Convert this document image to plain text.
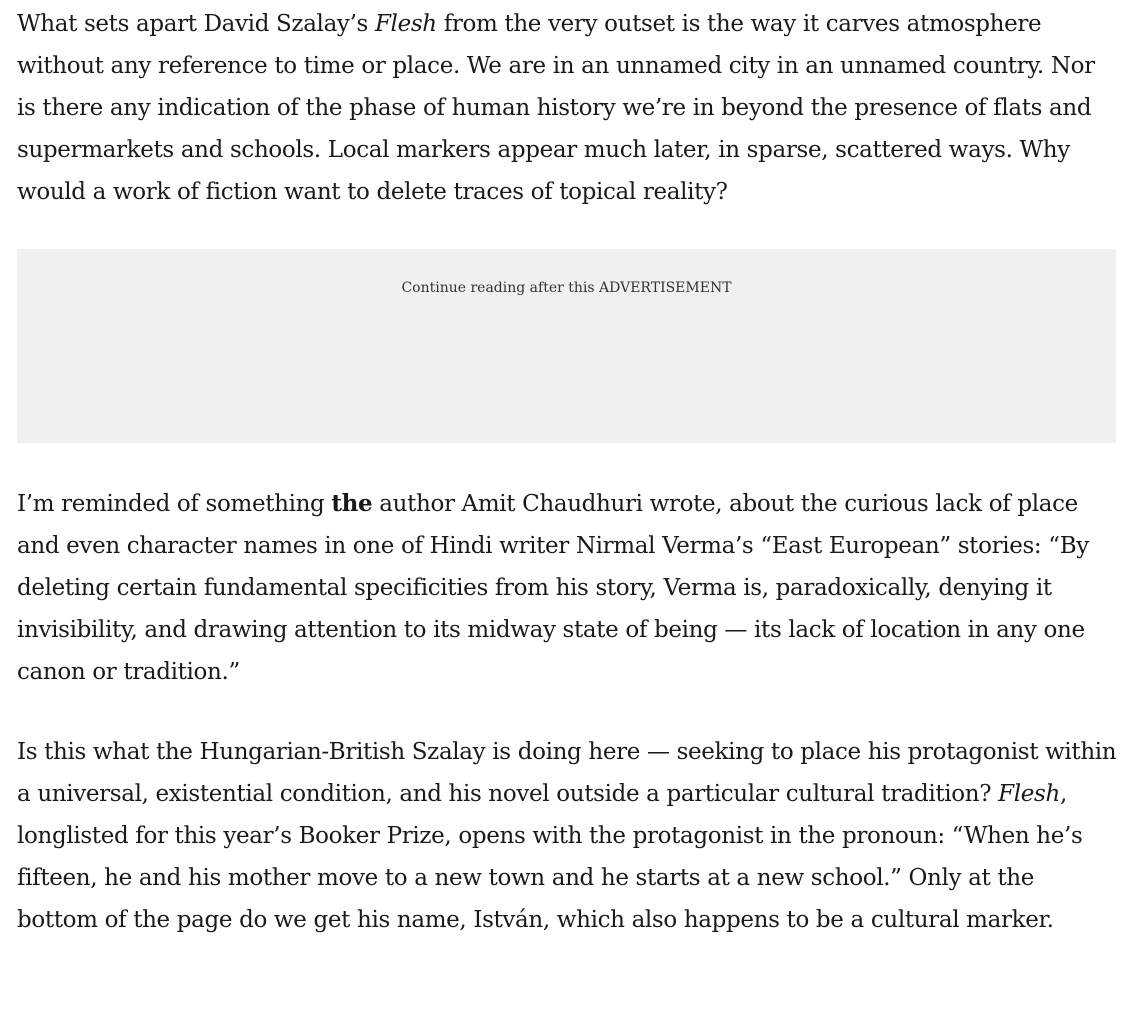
What sets apart David Szalay’s Flesh from the very outset is the way it carves atmosphere without any reference to time or place. We are in an unnamed city in an unnamed country. Nor is there any indication of the phase of human history we’re in beyond the presence of flats and supermarkets and schools. Local markers appear much later, in sparse, scattered ways. Why would a work of fiction want to delete traces of topical reality?

Continue reading after this ADVERTISEMENT

I’m reminded of something the author Amit Chaudhuri wrote, about the curious lack of place and even character names in one of Hindi writer Nirmal Verma’s “East European” stories: “By deleting certain fundamental specificities from his story, Verma is, paradoxically, denying it invisibility, and drawing attention to its midway state of being — its lack of location in any one canon or tradition.”

Is this what the Hungarian-British Szalay is doing here — seeking to place his protagonist within a universal, existential condition, and his novel outside a particular cultural tradition? Flesh, longlisted for this year’s Booker Prize, opens with the protagonist in the pronoun: “When he’s fifteen, he and his mother move to a new town and he starts at a new school.” Only at the bottom of the page do we get his name, István, which also happens to be a cultural marker.
